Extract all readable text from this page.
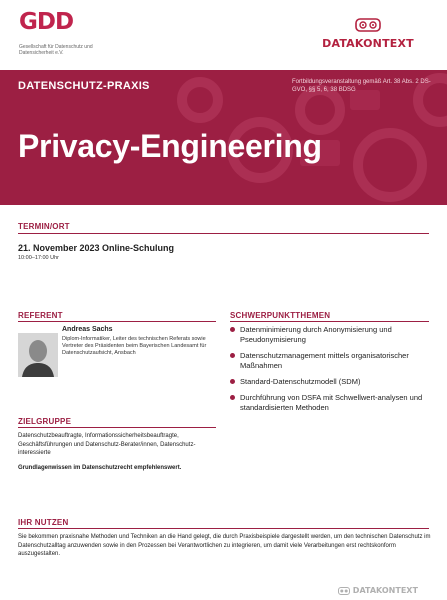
GDD
Gesellschaft für Datenschutz und Datensicherheit e.V.
DATAKONTEXT
DATENSCHUTZ-PRAXIS	Fortbildungsveranstaltung gemäß Art. 38 Abs. 2 DS-GVO, §§ 5, 6, 38 BDSG
Privacy-Engineering
TERMIN/ORT
21. November 2023 Online-Schulung
10:00–17:00 Uhr
REFERENT
Andreas Sachs
Diplom-Informatiker, Leiter des technischen Referats sowie Vertreter des Präsidenten beim Bayerischen Landesamt für Datenschutzaufsicht, Ansbach
SCHWERPUNKTTHEMEN
Datenminimierung durch Anonymisierung und Pseudonymisierung
Datenschutzmanagement mittels organisatorischer Maßnahmen
Standard-Datenschutzmodell (SDM)
Durchführung von DSFA mit Schwellwert-analysen und standardisierten Methoden
ZIELGRUPPE
Datenschutzbeauftragte, Informationssicherheitsbeauftragte, Geschäftsführungen und Datenschutz-Berater/innen, Datenschutz-interessierte
Grundlagenwissen im Datenschutzrecht empfehlenswert.
IHR NUTZEN
Sie bekommen praxisnahe Methoden und Techniken an die Hand gelegt, die durch Praxisbeispiele dargestellt werden, um den technischen Datenschutz im Datenschutzalltag anzuwenden sowie in den Prozessen bei Verantwortlichen zu integrieren, um damit viele Verarbeitungen erst rechtskonform auszugestalten.
DATAKONTEXT
